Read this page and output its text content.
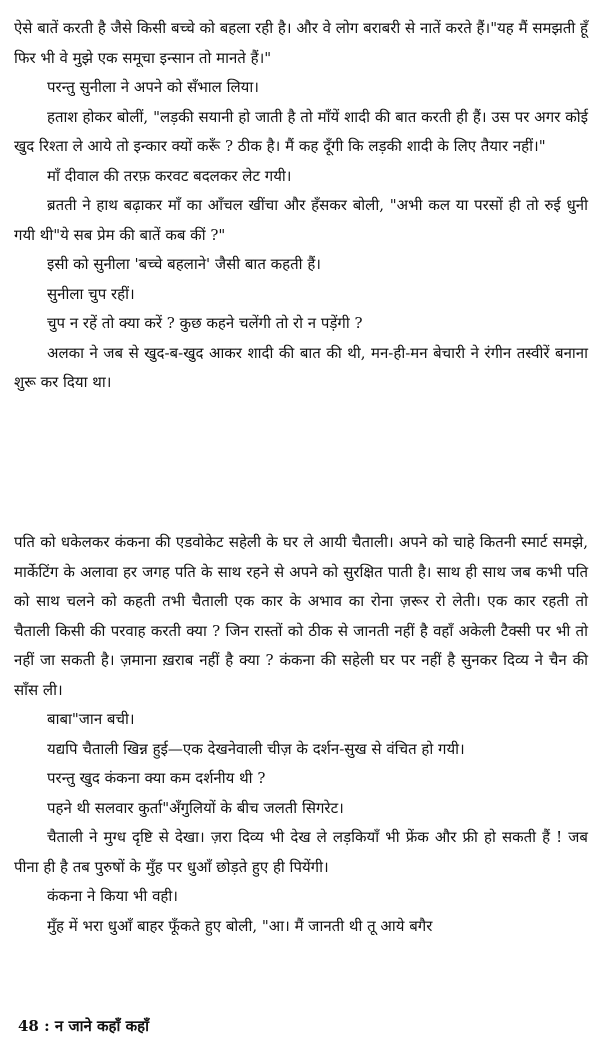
ऐसे बातें करती है जैसे किसी बच्चे को बहला रही है। और वे लोग बराबरी से नातें करते हैं।"यह मैं समझती हूँ फिर भी वे मुझे एक समूचा इन्सान तो मानते हैं।"

परन्तु सुनीला ने अपने को सँभाल लिया।

हताश होकर बोलीं, "लड़की सयानी हो जाती है तो माँयें शादी की बात करती ही हैं। उस पर अगर कोई खुद रिश्ता ले आये तो इन्कार क्यों करूँ ? ठीक है। मैं कह दूँगी कि लड़की शादी के लिए तैयार नहीं।"

माँ दीवाल की तरफ़ करवट बदलकर लेट गयी।

ब्रतती ने हाथ बढ़ाकर माँ का आँचल खींचा और हँसकर बोली, "अभी कल या परसों ही तो रुई धुनी गयी थी"ये सब प्रेम की बातें कब कीं ?"

इसी को सुनीला 'बच्चे बहलाने' जैसी बात कहती हैं।

सुनीला चुप रहीं।

चुप न रहें तो क्या करें ? कुछ कहने चलेंगी तो रो न पड़ेंगी ?

अलका ने जब से खुद-ब-खुद आकर शादी की बात की थी, मन-ही-मन बेचारी ने रंगीन तस्वीरें बनाना शुरू कर दिया था।

पति को धकेलकर कंकना की एडवोकेट सहेली के घर ले आयी चैताली। अपने को चाहे कितनी स्मार्ट समझे, मार्केटिंग के अलावा हर जगह पति के साथ रहने से अपने को सुरक्षित पाती है। साथ ही साथ जब कभी पति को साथ चलने को कहती तभी चैताली एक कार के अभाव का रोना ज़रूर रो लेती। एक कार रहती तो चैताली किसी की परवाह करती क्या ? जिन रास्तों को ठीक से जानती नहीं है वहाँ अकेली टैक्सी पर भी तो नहीं जा सकती है। ज़माना ख़राब नहीं है क्या ? कंकना की सहेली घर पर नहीं है सुनकर दिव्य ने चैन की साँस ली।

बाबा"जान बची।

यद्यपि चैताली खिन्न हुई—एक देखनेवाली चीज़ के दर्शन-सुख से वंचित हो गयी।

परन्तु खुद कंकना क्या कम दर्शनीय थी ?

पहने थी सलवार कुर्ता"अँगुलियों के बीच जलती सिगरेट।

चैताली ने मुग्ध दृष्टि से देखा। ज़रा दिव्य भी देख ले लड़कियाँ भी फ्रेंक और फ्री हो सकती हैं ! जब पीना ही है तब पुरुषों के मुँह पर धुआँ छोड़ते हुए ही पियेंगी।

कंकना ने किया भी वही।

मुँह में भरा धुआँ बाहर फूँकते हुए बोली, "आ। मैं जानती थी तू आये बगैर

48 : न जाने कहाँ कहाँ
